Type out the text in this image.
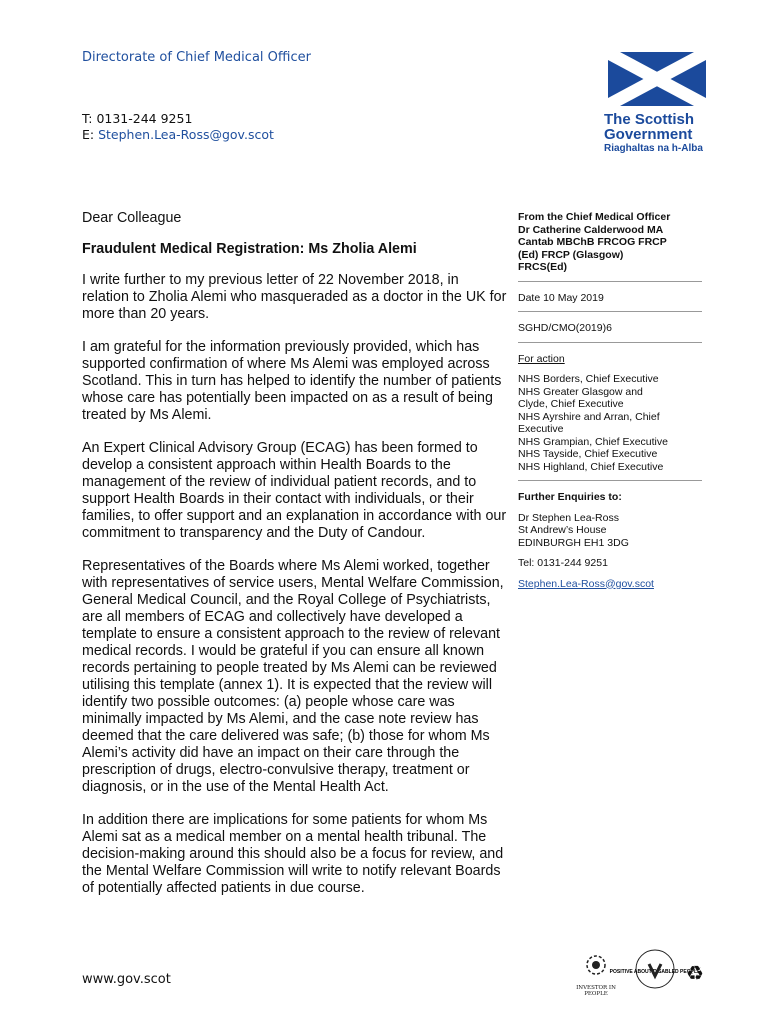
Directorate of Chief Medical Officer
T: 0131-244 9251
E: Stephen.Lea-Ross@gov.scot
The Scottish
Government
Riaghaltas na h-Alba

Dear Colleague

Fraudulent Medical Registration: Ms Zholia Alemi

I write further to my previous letter of 22 November 2018, in relation to Zholia Alemi who masqueraded as a doctor in the UK for more than 20 years.

I am grateful for the information previously provided, which has supported confirmation of where Ms Alemi was employed across Scotland. This in turn has helped to identify the number of patients whose care has potentially been impacted on as a result of being treated by Ms Alemi.

An Expert Clinical Advisory Group (ECAG) has been formed to develop a consistent approach within Health Boards to the management of the review of individual patient records, and to support Health Boards in their contact with individuals, or their families, to offer support and an explanation in accordance with our commitment to transparency and the Duty of Candour.

Representatives of the Boards where Ms Alemi worked, together with representatives of service users, Mental Welfare Commission, General Medical Council, and the Royal College of Psychiatrists, are all members of ECAG and collectively have developed a template to ensure a consistent approach to the review of relevant medical records. I would be grateful if you can ensure all known records pertaining to people treated by Ms Alemi can be reviewed utilising this template (annex 1). It is expected that the review will identify two possible outcomes: (a) people whose care was minimally impacted by Ms Alemi, and the case note review has deemed that the care delivered was safe; (b) those for whom Ms Alemi’s activity did have an impact on their care through the prescription of drugs, electro-convulsive therapy, treatment or diagnosis, or in the use of the Mental Health Act.

In addition there are implications for some patients for whom Ms Alemi sat as a medical member on a mental health tribunal. The decision-making around this should also be a focus for review, and the Mental Welfare Commission will write to notify relevant Boards of potentially affected patients in due course.

From the Chief Medical Officer
Dr Catherine Calderwood MA
Cantab MBChB FRCOG FRCP
(Ed) FRCP (Glasgow)
FRCS(Ed)
Date 10 May 2019
SGHD/CMO(2019)6
For action
NHS Borders, Chief Executive
NHS Greater Glasgow and
Clyde, Chief Executive
NHS Ayrshire and Arran, Chief
Executive
NHS Grampian, Chief Executive
NHS Tayside, Chief Executive
NHS Highland, Chief Executive
Further Enquiries to:
Dr Stephen Lea-Ross
St Andrew’s House
EDINBURGH EH1 3DG
Tel: 0131-244 9251
Stephen.Lea-Ross@gov.scot
www.gov.scot
INVESTOR IN PEOPLE
POSITIVE ABOUT DISABLED PEOPLE
♻
